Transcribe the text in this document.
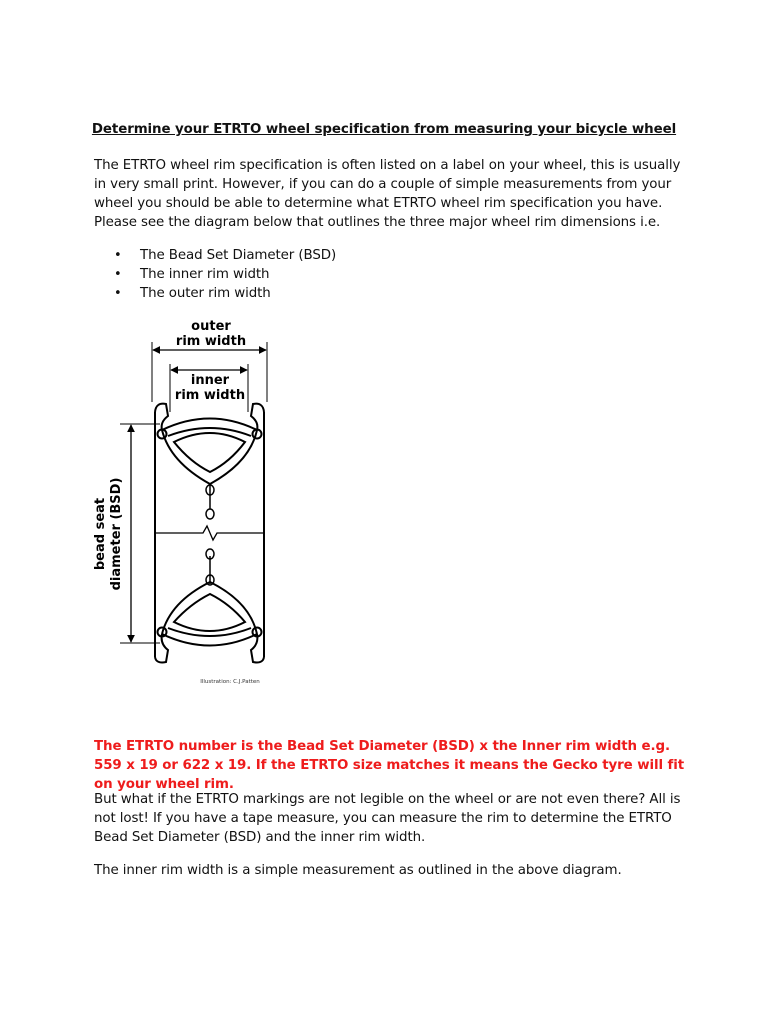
Determine your ETRTO wheel specification from measuring your bicycle wheel
The ETRTO wheel rim specification is often listed on a label on your wheel, this is usually in very small print. However, if you can do a couple of simple measurements from your wheel you should be able to determine what ETRTO wheel rim specification you have. Please see the diagram below that outlines the three major wheel rim dimensions i.e.
• The Bead Set Diameter (BSD)
• The inner rim width
• The outer rim width
outer
rim width
inner
rim width
bead seat diameter (BSD)
Illustration: C.J.Patten
The ETRTO number is the Bead Set Diameter (BSD) x the Inner rim width e.g. 559 x 19 or 622 x 19. If the ETRTO size matches it means the Gecko tyre will fit on your wheel rim.
But what if the ETRTO markings are not legible on the wheel or are not even there? All is not lost! If you have a tape measure, you can measure the rim to determine the ETRTO Bead Set Diameter (BSD) and the inner rim width.
The inner rim width is a simple measurement as outlined in the above diagram.
